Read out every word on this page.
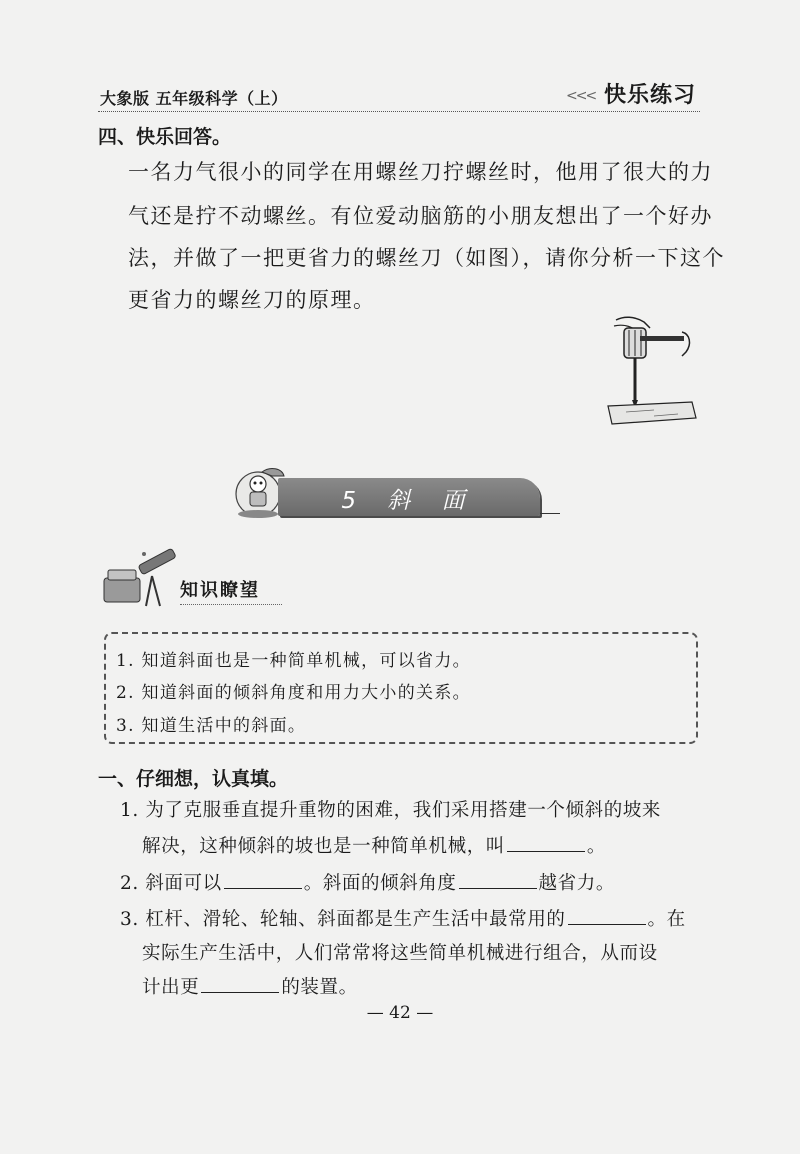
大象版 五年级科学（上）	<<< 快乐练习
四、快乐回答。
一名力气很小的同学在用螺丝刀拧螺丝时，他用了很大的力
气还是拧不动螺丝。有位爱动脑筋的小朋友想出了一个好办
法，并做了一把更省力的螺丝刀（如图），请你分析一下这个
更省力的螺丝刀的原理。
5 斜 面
知识瞭望
1. 知道斜面也是一种简单机械，可以省力。
2. 知道斜面的倾斜角度和用力大小的关系。
3. 知道生活中的斜面。
一、仔细想，认真填。
1. 为了克服垂直提升重物的困难，我们采用搭建一个倾斜的坡来
解决，这种倾斜的坡也是一种简单机械，叫	。
2. 斜面可以	。斜面的倾斜角度	越省力。
3. 杠杆、滑轮、轮轴、斜面都是生产生活中最常用的	。在
实际生产生活中，人们常常将这些简单机械进行组合，从而设
计出更	的装置。
— 42 —
